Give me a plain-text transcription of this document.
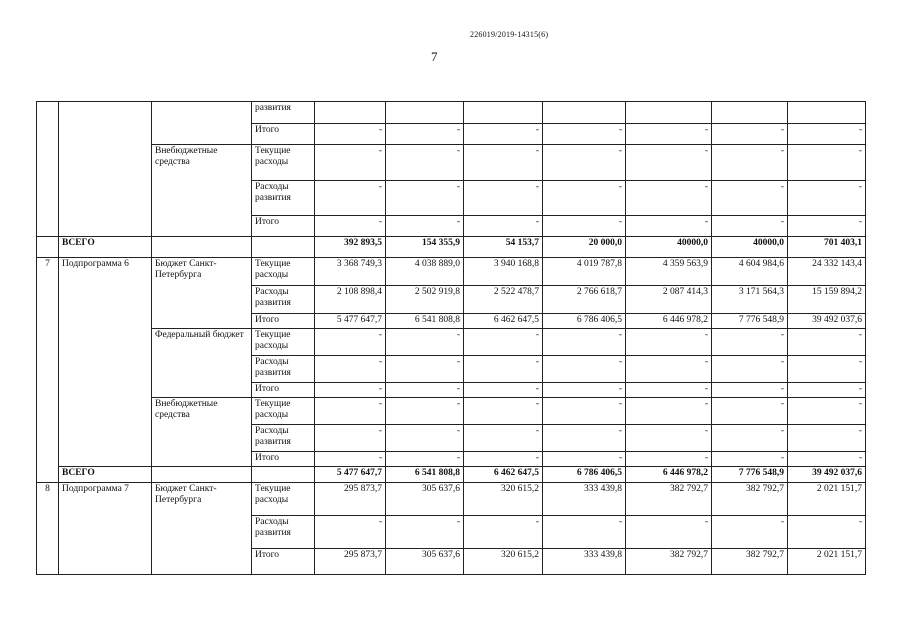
226019/2019-14315(6)
7
			развития							
			Итого	-	-	-	-	-	-	-
		Внебюджетные средства	Текущие расходы	-	-	-	-	-	-	-
			Расходы развития	-	-	-	-	-	-	-
			Итого	-	-	-	-	-	-	-
	ВСЕГО			392 893,5	154 355,9	54 153,7	20 000,0	40000,0	40000,0	701 403,1
7	Подпрограмма 6	Бюджет Санкт-Петербурга	Текущие расходы	3 368 749,3	4 038 889,0	3 940 168,8	4 019 787,8	4 359 563,9	4 604 984,6	24 332 143,4
			Расходы развития	2 108 898,4	2 502 919,8	2 522 478,7	2 766 618,7	2 087 414,3	3 171 564,3	15 159 894,2
			Итого	5 477 647,7	6 541 808,8	6 462 647,5	6 786 406,5	6 446 978,2	7 776 548,9	39 492 037,6
		Федеральный бюджет	Текущие расходы	-	-	-	-	-	-	-
			Расходы развития	-	-	-	-	-	-	-
			Итого	-	-	-	-	-	-	-
		Внебюджетные средства	Текущие расходы	-	-	-	-	-	-	-
			Расходы развития	-	-	-	-	-	-	-
			Итого	-	-	-	-	-	-	-
	ВСЕГО			5 477 647,7	6 541 808,8	6 462 647,5	6 786 406,5	6 446 978,2	7 776 548,9	39 492 037,6
8	Подпрограмма 7	Бюджет Санкт-Петербурга	Текущие расходы	295 873,7	305 637,6	320 615,2	333 439,8	382 792,7	382 792,7	2 021 151,7
			Расходы развития	-	-	-	-	-	-	-
			Итого	295 873,7	305 637,6	320 615,2	333 439,8	382 792,7	382 792,7	2 021 151,7
